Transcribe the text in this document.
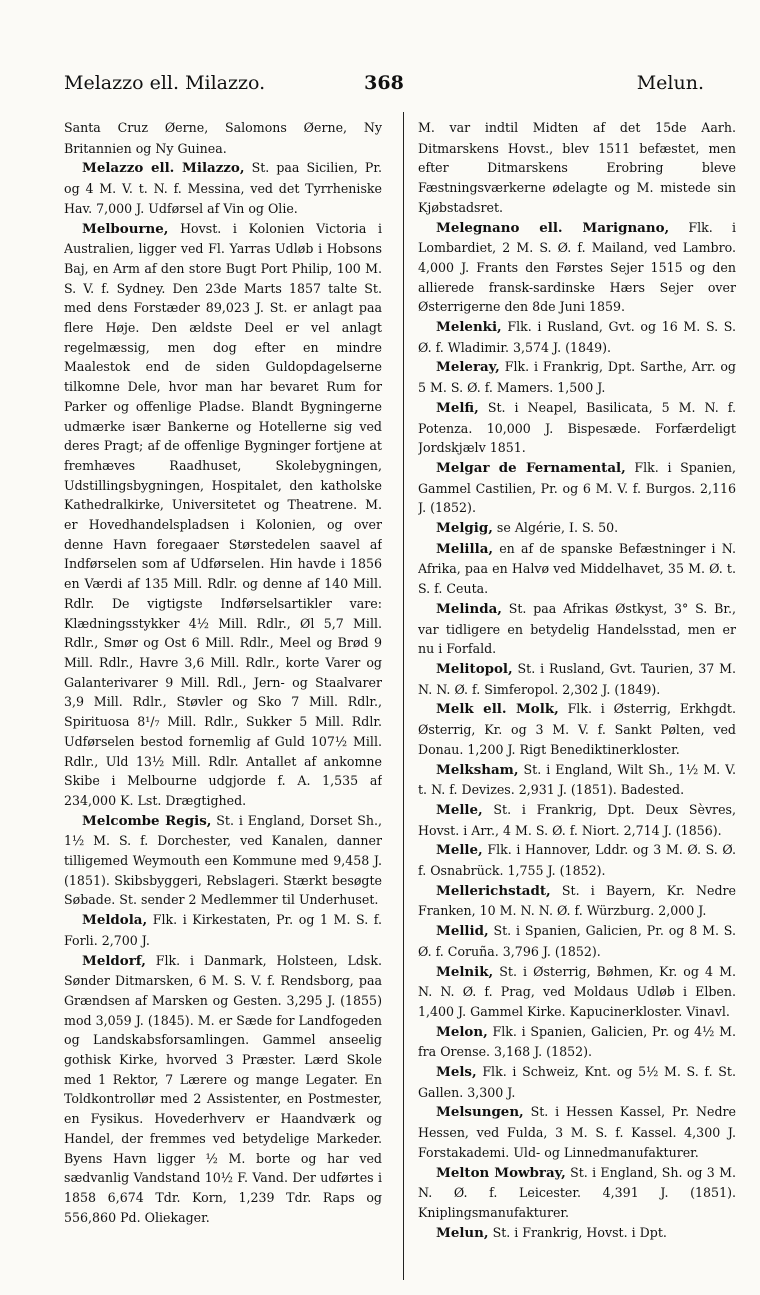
Melazzo ell. Milazzo.	368	Melun.

Santa Cruz Øerne, Salomons Øerne, Ny Britannien og Ny Guinea.

Melazzo ell. Milazzo, St. paa Sicilien, Pr. og 4 M. V. t. N. f. Messina, ved det Tyrrheniske Hav. 7,000 J. Udførsel af Vin og Olie.

Melbourne, Hovst. i Kolonien Victoria i Australien, ligger ved Fl. Yarras Udløb i Hobsons Baj, en Arm af den store Bugt Port Philip, 100 M. S. V. f. Sydney. Den 23de Marts 1857 talte St. med dens Forstæder 89,023 J. St. er anlagt paa flere Høje. Den ældste Deel er vel anlagt regelmæssig, men dog efter en mindre Maalestok end de siden Guldopdagelserne tilkomne Dele, hvor man har bevaret Rum for Parker og offenlige Pladse. Blandt Bygningerne udmærke især Bankerne og Hotellerne sig ved deres Pragt; af de offenlige Bygninger fortjene at fremhæves Raadhuset, Skolebygningen, Udstillingsbygningen, Hospitalet, den katholske Kathedralkirke, Universitetet og Theatrene. M. er Hovedhandelspladsen i Kolonien, og over denne Havn foregaaer Størstedelen saavel af Indførselen som af Udførselen. Hin havde i 1856 en Værdi af 135 Mill. Rdlr. og denne af 140 Mill. Rdlr. De vigtigste Indførselsartikler vare: Klædningsstykker 4½ Mill. Rdlr., Øl 5,7 Mill. Rdlr., Smør og Ost 6 Mill. Rdlr., Meel og Brød 9 Mill. Rdlr., Havre 3,6 Mill. Rdlr., korte Varer og Galanterivarer 9 Mill. Rdl., Jern- og Staalvarer 3,9 Mill. Rdlr., Støvler og Sko 7 Mill. Rdlr., Spirituosa 8¹/₇ Mill. Rdlr., Sukker 5 Mill. Rdlr. Udførselen bestod fornemlig af Guld 107½ Mill. Rdlr., Uld 13½ Mill. Rdlr. Antallet af ankomne Skibe i Melbourne udgjorde f. A. 1,535 af 234,000 K. Lst. Drægtighed.

Melcombe Regis, St. i England, Dorset Sh., 1½ M. S. f. Dorchester, ved Kanalen, danner tilligemed Weymouth een Kommune med 9,458 J. (1851). Skibsbyggeri, Rebslageri. Stærkt besøgte Søbade. St. sender 2 Medlemmer til Underhuset.

Meldola, Flk. i Kirkestaten, Pr. og 1 M. S. f. Forli. 2,700 J.

Meldorf, Flk. i Danmark, Holsteen, Ldsk. Sønder Ditmarsken, 6 M. S. V. f. Rendsborg, paa Grændsen af Marsken og Gesten. 3,295 J. (1855) mod 3,059 J. (1845). M. er Sæde for Landfogeden og Landskabsforsamlingen. Gammel anseelig gothisk Kirke, hvorved 3 Præster. Lærd Skole med 1 Rektor, 7 Lærere og mange Legater. En Toldkontrollør med 2 Assistenter, en Postmester, en Fysikus. Hovederhverv er Haandværk og Handel, der fremmes ved betydelige Markeder. Byens Havn ligger ½ M. borte og har ved sædvanlig Vandstand 10½ F. Vand. Der udførtes i 1858 6,674 Tdr. Korn, 1,239 Tdr. Raps og 556,860 Pd. Oliekager.

M. var indtil Midten af det 15de Aarh. Ditmarskens Hovst., blev 1511 befæstet, men efter Ditmarskens Erobring bleve Fæstningsværkerne ødelagte og M. mistede sin Kjøbstadsret.

Melegnano ell. Marignano, Flk. i Lombardiet, 2 M. S. Ø. f. Mailand, ved Lambro. 4,000 J. Frants den Førstes Sejer 1515 og den allierede fransk-sardinske Hærs Sejer over Østerrigerne den 8de Juni 1859.

Melenki, Flk. i Rusland, Gvt. og 16 M. S. S. Ø. f. Wladimir. 3,574 J. (1849).

Meleray, Flk. i Frankrig, Dpt. Sarthe, Arr. og 5 M. S. Ø. f. Mamers. 1,500 J.

Melfi, St. i Neapel, Basilicata, 5 M. N. f. Potenza. 10,000 J. Bispesæde. Forfærdeligt Jordskjælv 1851.

Melgar de Fernamental, Flk. i Spanien, Gammel Castilien, Pr. og 6 M. V. f. Burgos. 2,116 J. (1852).

Melgig, se Algérie, I. S. 50.

Melilla, en af de spanske Befæstninger i N. Afrika, paa en Halvø ved Middelhavet, 35 M. Ø. t. S. f. Ceuta.

Melinda, St. paa Afrikas Østkyst, 3° S. Br., var tidligere en betydelig Handelsstad, men er nu i Forfald.

Melitopol, St. i Rusland, Gvt. Taurien, 37 M. N. N. Ø. f. Simferopol. 2,302 J. (1849).

Melk ell. Molk, Flk. i Østerrig, Erkhgdt. Østerrig, Kr. og 3 M. V. f. Sankt Pølten, ved Donau. 1,200 J. Rigt Benediktinerkloster.

Melksham, St. i England, Wilt Sh., 1½ M. V. t. N. f. Devizes. 2,931 J. (1851). Badested.

Melle, St. i Frankrig, Dpt. Deux Sèvres, Hovst. i Arr., 4 M. S. Ø. f. Niort. 2,714 J. (1856).

Melle, Flk. i Hannover, Lddr. og 3 M. Ø. S. Ø. f. Osnabrück. 1,755 J. (1852).

Mellerichstadt, St. i Bayern, Kr. Nedre Franken, 10 M. N. N. Ø. f. Würzburg. 2,000 J.

Mellid, St. i Spanien, Galicien, Pr. og 8 M. S. Ø. f. Coruña. 3,796 J. (1852).

Melnik, St. i Østerrig, Bøhmen, Kr. og 4 M. N. N. Ø. f. Prag, ved Moldaus Udløb i Elben. 1,400 J. Gammel Kirke. Kapucinerkloster. Vinavl.

Melon, Flk. i Spanien, Galicien, Pr. og 4½ M. fra Orense. 3,168 J. (1852).

Mels, Flk. i Schweiz, Knt. og 5½ M. S. f. St. Gallen. 3,300 J.

Melsungen, St. i Hessen Kassel, Pr. Nedre Hessen, ved Fulda, 3 M. S. f. Kassel. 4,300 J. Forstakademi. Uld- og Linnedmanufakturer.

Melton Mowbray, St. i England, Sh. og 3 M. N. Ø. f. Leicester. 4,391 J. (1851). Kniplingsmanufakturer.

Melun, St. i Frankrig, Hovst. i Dpt.
